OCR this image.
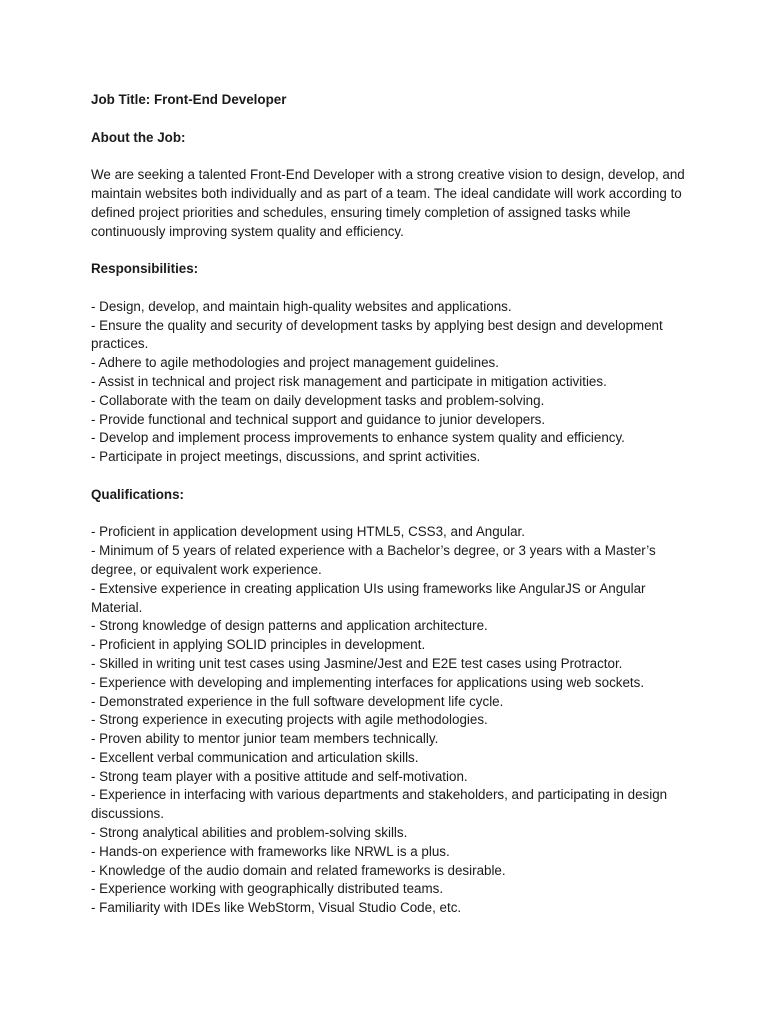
Job Title: Front-End Developer

About the Job:

We are seeking a talented Front-End Developer with a strong creative vision to design, develop, and maintain websites both individually and as part of a team. The ideal candidate will work according to defined project priorities and schedules, ensuring timely completion of assigned tasks while continuously improving system quality and efficiency.

Responsibilities:

- Design, develop, and maintain high-quality websites and applications.
- Ensure the quality and security of development tasks by applying best design and development practices.
- Adhere to agile methodologies and project management guidelines.
- Assist in technical and project risk management and participate in mitigation activities.
- Collaborate with the team on daily development tasks and problem-solving.
- Provide functional and technical support and guidance to junior developers.
- Develop and implement process improvements to enhance system quality and efficiency.
- Participate in project meetings, discussions, and sprint activities.

Qualifications:

- Proficient in application development using HTML5, CSS3, and Angular.
- Minimum of 5 years of related experience with a Bachelor’s degree, or 3 years with a Master’s degree, or equivalent work experience.
- Extensive experience in creating application UIs using frameworks like AngularJS or Angular Material.
- Strong knowledge of design patterns and application architecture.
- Proficient in applying SOLID principles in development.
- Skilled in writing unit test cases using Jasmine/Jest and E2E test cases using Protractor.
- Experience with developing and implementing interfaces for applications using web sockets.
- Demonstrated experience in the full software development life cycle.
- Strong experience in executing projects with agile methodologies.
- Proven ability to mentor junior team members technically.
- Excellent verbal communication and articulation skills.
- Strong team player with a positive attitude and self-motivation.
- Experience in interfacing with various departments and stakeholders, and participating in design discussions.
- Strong analytical abilities and problem-solving skills.
- Hands-on experience with frameworks like NRWL is a plus.
- Knowledge of the audio domain and related frameworks is desirable.
- Experience working with geographically distributed teams.
- Familiarity with IDEs like WebStorm, Visual Studio Code, etc.
